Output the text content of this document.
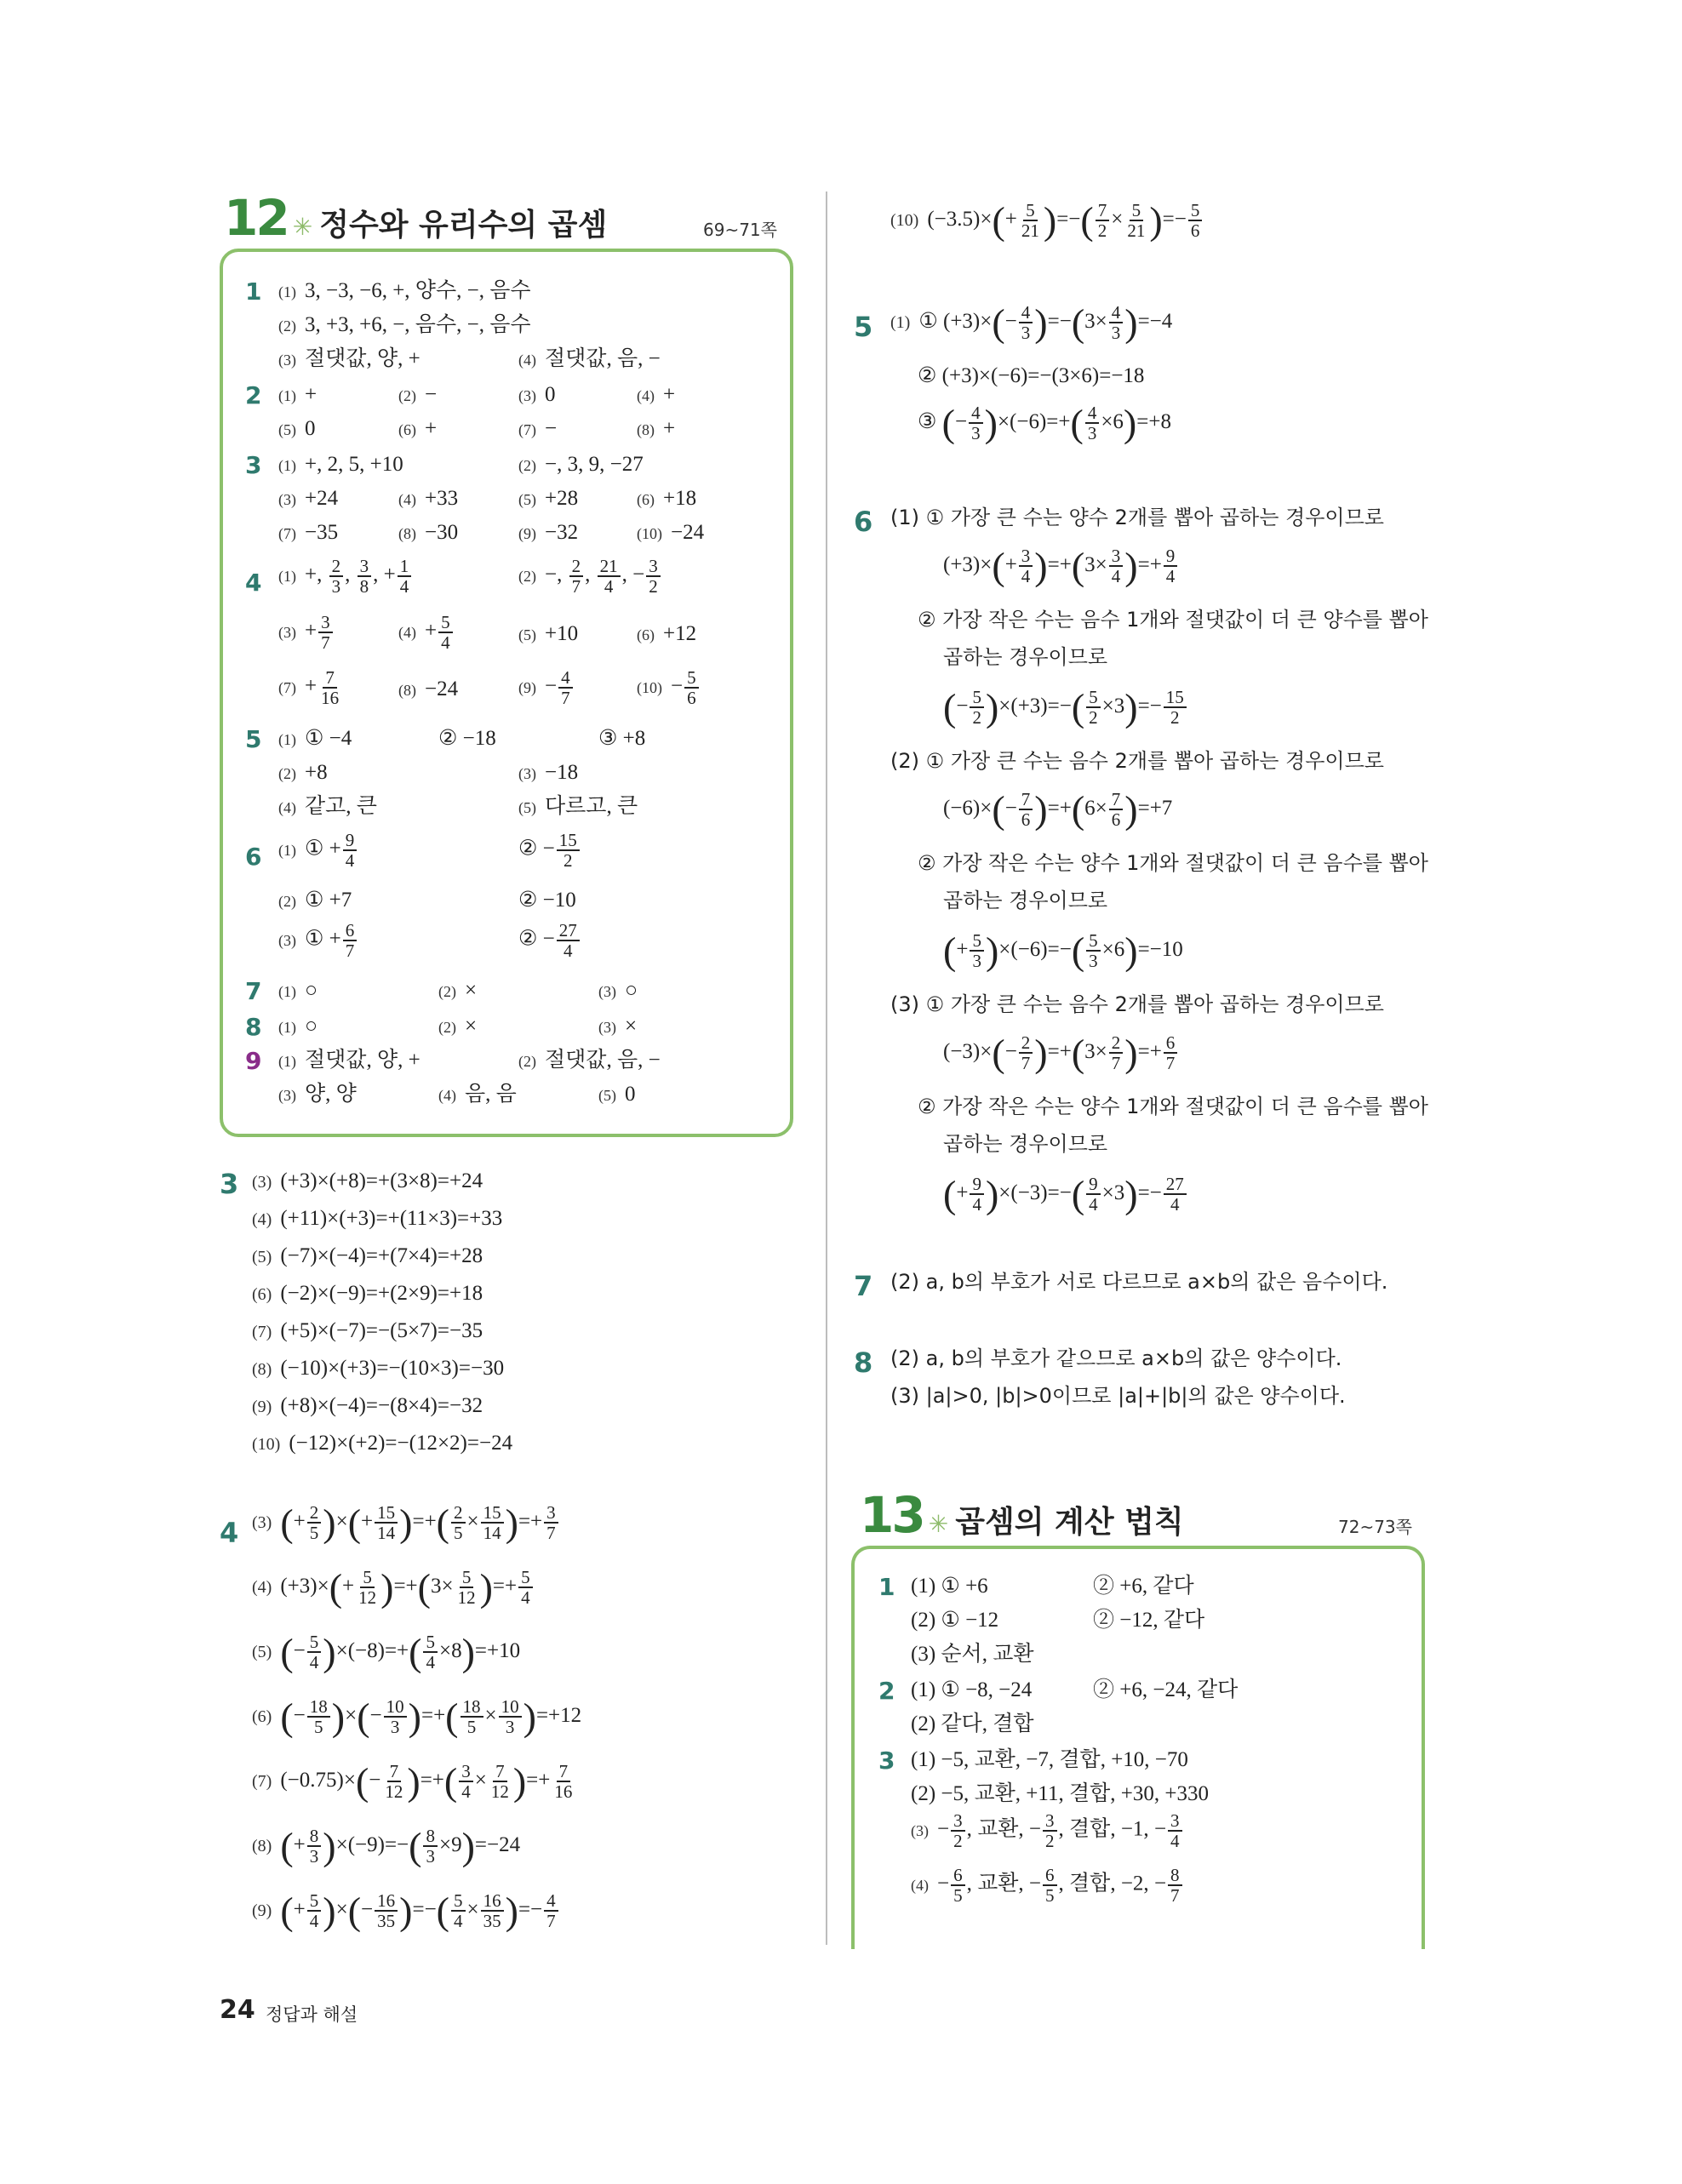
12 ✳ 정수와 유리수의 곱셈	69~71쪽
1 (1) 3, −3, −6, +, 양수, −, 음수
(2) 3, +3, +6, −, 음수, −, 음수
(3) 절댓값, 양, +	(4) 절댓값, 음, −
2 (1) +	(2) −	(3) 0	(4) +
(5) 0	(6) +	(7) −	(8) +
3 (1) +, 2, 5, +10	(2) −, 3, 9, −27
(3) +24	(4) +33	(5) +28	(6) +18
(7) −35	(8) −30	(9) −32	(10) −24
4 (1) +, $\frac{2}{3}$ , $\frac{3}{8}$ , + $\frac{1}{4}$	(2) −, $\frac{2}{7}$ , $\frac{21}{4}$ , − $\frac{3}{2}$
$(3) + \frac{3}{7}$	$(4) + \frac{5}{4}$	(5) +10	(6) +12
$(7) + \frac{7}{16}$	(8) −24	$(9) - \frac{4}{7}$	$(10) - \frac{5}{6}$
5 (1) ① −4	② −18	③ +8
(2) +8	(3) −18
(4) 같고, 큰	(5) 다르고, 큰
6 (1) ① + $\frac{9}{4}$	② − $\frac{15}{2}$
(2) ① +7	② −10
(3) ① + $\frac{6}{7}$	② − $\frac{27}{4}$
7 (1) ○	(2) ×	(3) ○
8 (1) ○	(2) ×	(3) ×
9 (1) 절댓값, 양, +	(2) 절댓값, 음, −
(3) 양, 양	(4) 음, 음	(5) 0
3 (3) (+3)×(+8)=+(3×8)=+24
(4) (+11)×(+3)=+(11×3)=+33
(5) (−7)×(−4)=+(7×4)=+28
(6) (−2)×(−9)=+(2×9)=+18
(7) (+5)×(−7)=−(5×7)=−35
(8) (−10)×(+3)=−(10×3)=−30
(9) (+8)×(−4)=−(8×4)=−32
(10) (−12)×(+2)=−(12×2)=−24
4 (3) (+ $\frac{2}{5}$ )×(+ $\frac{15}{14}$ )=+( $\frac{2}{5} \times \frac{15}{14}$ )=+ $\frac{3}{7}$
(4) $(+3)\times(+ \frac{5}{12} )=+(3\times \frac{5}{12}$ )=+ $\frac{5}{4}$
(5) (− $\frac{5}{4} )\times(-8)=+( \frac{5}{4} \times 8)=+10$
(6) (− $\frac{18}{5}$ )×(− $\frac{10}{3}$ )=+( $\frac{18}{5} \times \frac{10}{3} )=+12$
(7) $(-0.75)\times(- \frac{7}{12}$ )=+( $\frac{3}{4} \times \frac{7}{12}$ )=+ $\frac{7}{16}$
(8) (+ $\frac{8}{3} )\times(-9)=-( \frac{8}{3} \times 9)=-24$
(9) (+ $\frac{5}{4}$ )×(− $\frac{16}{35}$ )=−( $\frac{5}{4} \times \frac{16}{35}$ )=− $\frac{4}{7}$
24 정답과 해설
(10) $(-3.5)\times(+ \frac{5}{21}$ )=−( $\frac{7}{2} \times \frac{5}{21}$ )=− $\frac{5}{6}$
5 (1) ① $(+3)\times(- \frac{4}{3} )=-(3\times \frac{4}{3} )=-4$
② (+3)×(−6)=−(3×6)=−18
③ (− $\frac{4}{3} )\times(-6)=+( \frac{4}{3} \times 6)=+8$
6 (1) ① 가장 큰 수는 양수 2개를 뽑아 곱하는 경우이므로
$(+3)\times(+ \frac{3}{4} )=+(3\times \frac{3}{4}$ )=+ $\frac{9}{4}$
② 가장 작은 수는 음수 1개와 절댓값이 더 큰 양수를 뽑아
곱하는 경우이므로
(− $\frac{5}{2} )\times(+3)=-( \frac{5}{2} \times 3)=- \frac{15}{2}$
(2) ① 가장 큰 수는 음수 2개를 뽑아 곱하는 경우이므로
$(-6)\times(- \frac{7}{6} )=+(6\times \frac{7}{6} )=+7$
② 가장 작은 수는 양수 1개와 절댓값이 더 큰 음수를 뽑아
곱하는 경우이므로
(+ $\frac{5}{3} )\times(-6)=-( \frac{5}{3} \times 6)=-10$
(3) ① 가장 큰 수는 음수 2개를 뽑아 곱하는 경우이므로
$(-3)\times(- \frac{2}{7} )=+(3\times \frac{2}{7}$ )=+ $\frac{6}{7}$
② 가장 작은 수는 양수 1개와 절댓값이 더 큰 음수를 뽑아
곱하는 경우이므로
(+ $\frac{9}{4} )\times(-3)=-( \frac{9}{4} \times 3)=- \frac{27}{4}$
7 (2) a, b의 부호가 서로 다르므로 a×b의 값은 음수이다.
8 (2) a, b의 부호가 같으므로 a×b의 값은 양수이다.
(3) |a|>0, |b|>0이므로 |a|+|b|의 값은 양수이다.
13 ✳ 곱셈의 계산 법칙	72~73쪽
1 (1) ① +6	② +6, 같다
(2) ① −12	② −12, 같다
(3) 순서, 교환
2 (1) ① −8, −24	② +6, −24, 같다
(2) 같다, 결합
3 (1) −5, 교환, −7, 결합, +10, −70
(2) −5, 교환, +11, 결합, +30, +330
$(3) - \frac{3}{2}$ , 교환, − $\frac{3}{2}$ , 결합, −1, − $\frac{3}{4}$
$(4) - \frac{6}{5}$ , 교환, − $\frac{6}{5}$ , 결합, −2, − $\frac{8}{7}$
